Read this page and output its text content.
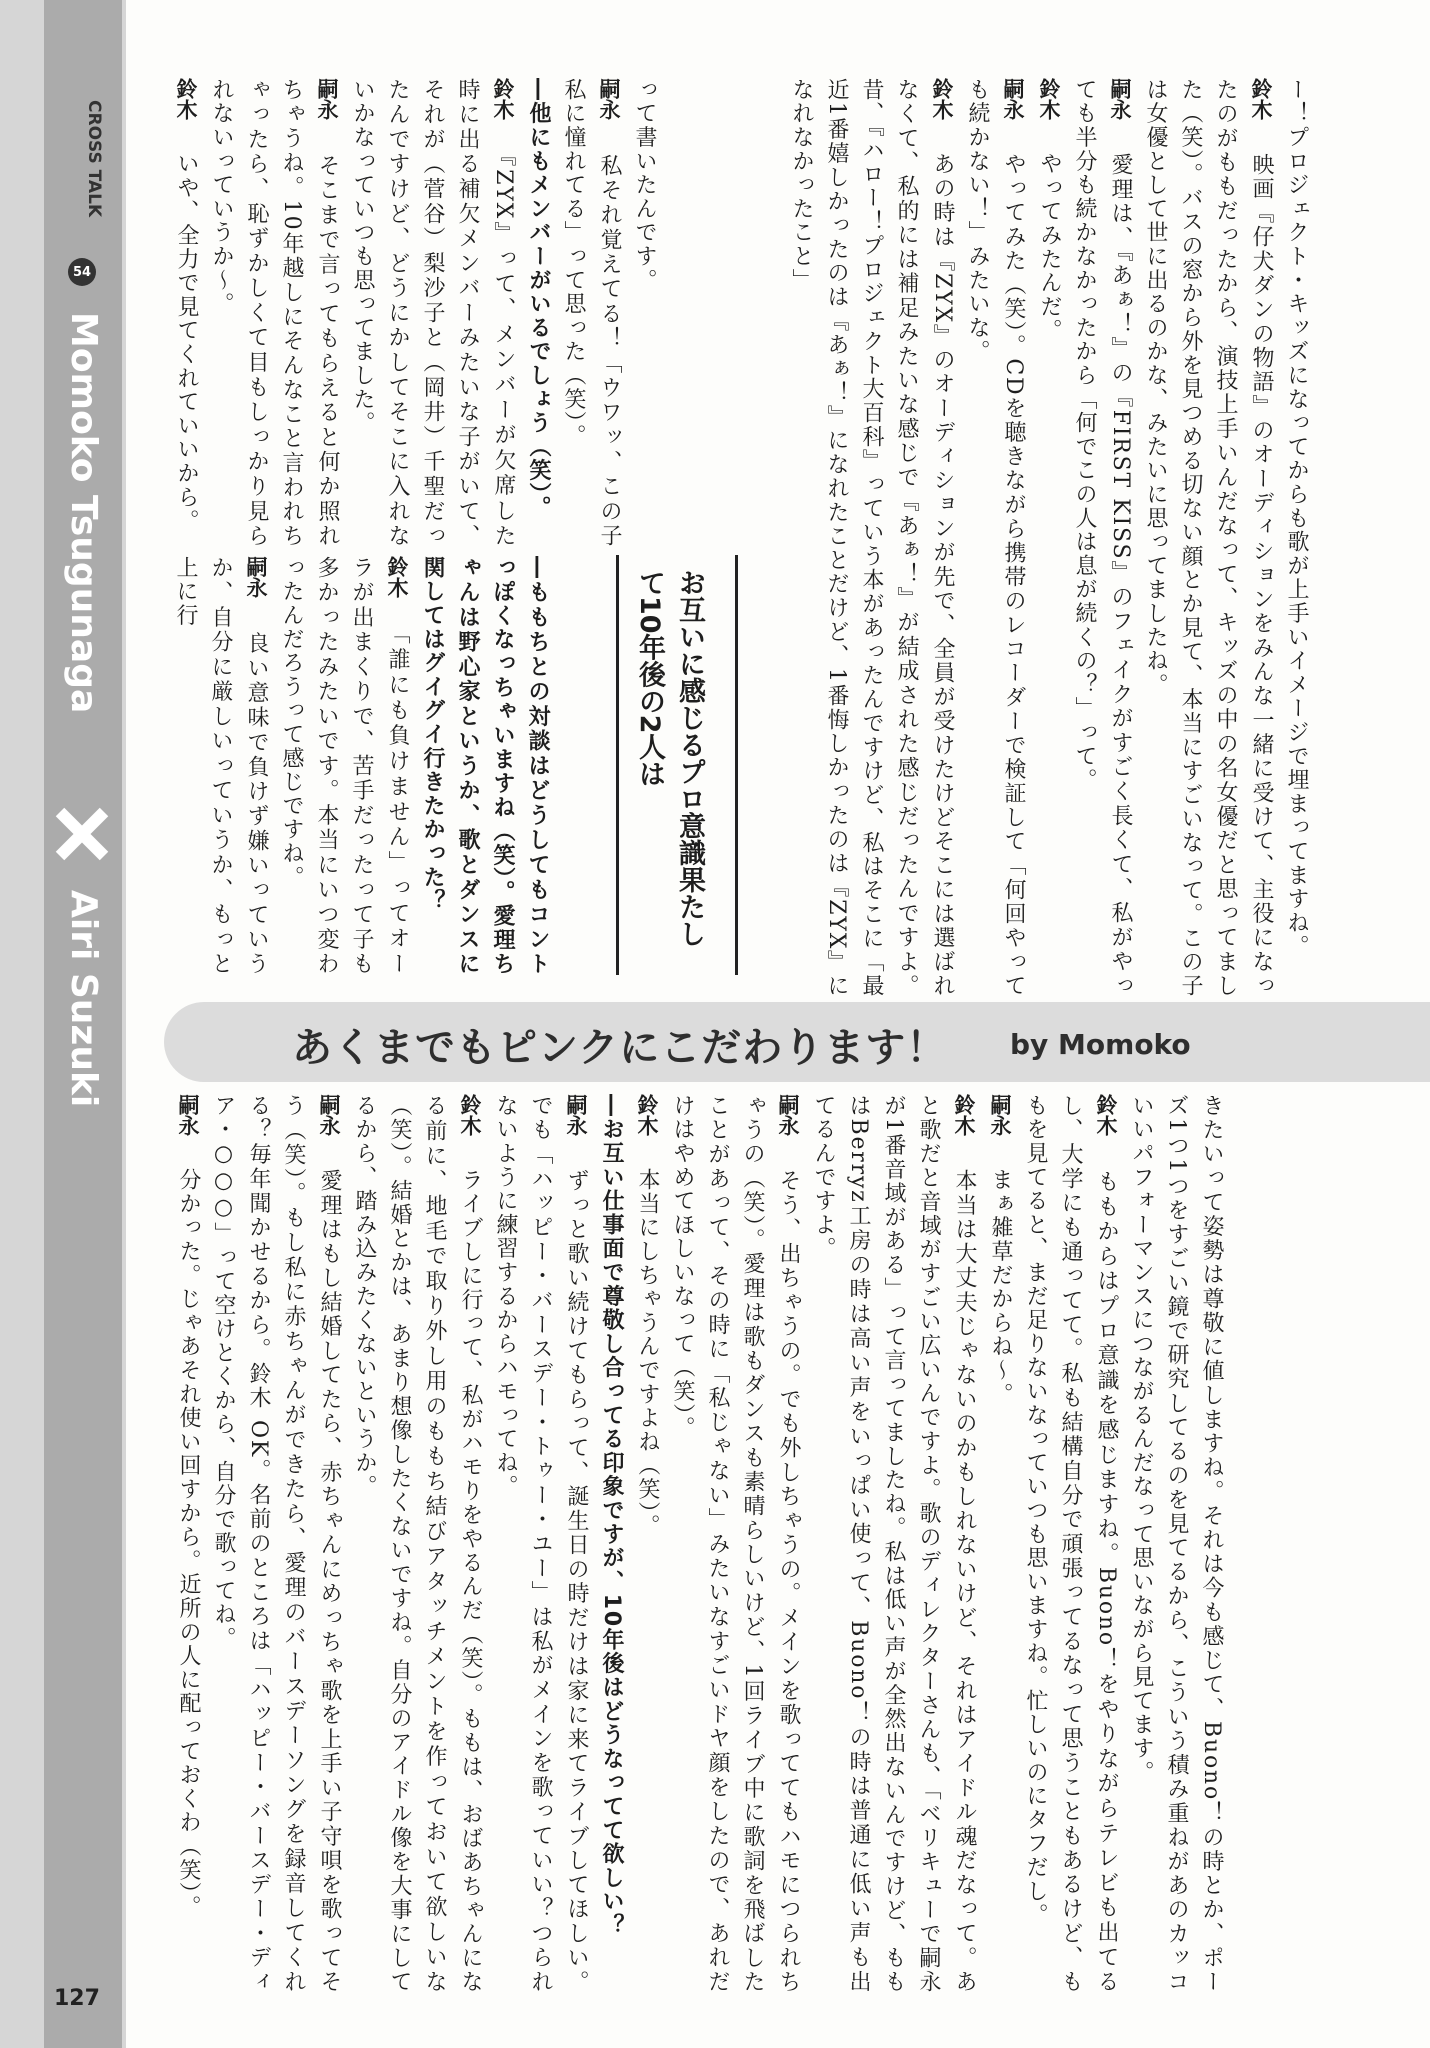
CROSS TALK
54
Momoko Tsugunaga
Airi Suzuki
127

ー！プロジェクト・キッズになってからも歌が上手いイメージで埋まってますね。

鈴木　映画『仔犬ダンの物語』のオーディションをみんな一緒に受けて、主役になったのがももだったから、演技上手いんだなって、キッズの中の名女優だと思ってました（笑）。バスの窓から外を見つめる切ない顔とか見て、本当にすごいなって。この子は女優として世に出るのかな、みたいに思ってましたね。

嗣永　愛理は、『あぁ！』の『FIRST KISS』のフェイクがすごく長くて、私がやっても半分も続かなかったから「何でこの人は息が続くの？」って。

鈴木　やってみたんだ。

嗣永　やってみた（笑）。CDを聴きながら携帯のレコーダーで検証して「何回やっても続かない！」みたいな。

鈴木　あの時は『ZYX』のオーディションが先で、全員が受けたけどそこには選ばれなくて、私的には補足みたいな感じで『あぁ！』が結成された感じだったんですよ。昔、『ハロー！プロジェクト大百科』っていう本があったんですけど、私はそこに「最近1番嬉しかったのは『あぁ！』になれたことだけど、1番悔しかったのは『ZYX』になれなかったこと」

って書いたんです。

嗣永　私それ覚えてる！「ウワッ、この子私に憧れてる」って思った（笑）。

―他にもメンバーがいるでしょう（笑）。

鈴木　『ZYX』って、メンバーが欠席した時に出る補欠メンバーみたいな子がいて、それが（菅谷）梨沙子と（岡井）千聖だったんですけど、どうにかしてそこに入れないかなっていつも思ってました。

嗣永　そこまで言ってもらえると何か照れちゃうね。10年越しにそんなこと言われちゃったら、恥ずかしくて目もしっかり見られないっていうか～。

鈴木　いや、全力で見てくれていいから。

お互いに感じるプロ意識果たして10年後の2人は

―ももちとの対談はどうしてもコントっぽくなっちゃいますね（笑）。愛理ちゃんは野心家というか、歌とダンスに関してはグイグイ行きたかった？

鈴木　「誰にも負けません」ってオーラが出まくりで、苦手だったって子も多かったみたいです。本当にいつ変わったんだろうって感じですね。

嗣永　良い意味で負けず嫌いっていうか、自分に厳しいっていうか、もっと上に行

あくまでもピンクにこだわります！ by Momoko

きたいって姿勢は尊敬に値しますね。それは今も感じて、Buono！の時とか、ポーズ1つ1つをすごい鏡で研究してるのを見てるから、こういう積み重ねがあのカッコいいパフォーマンスにつながるんだなって思いながら見てます。

鈴木　ももからはプロ意識を感じますね。Buono！をやりながらテレビも出てるし、大学にも通ってて。私も結構自分で頑張ってるなって思うこともあるけど、ももを見てると、まだ足りないなっていつも思いますね。忙しいのにタフだし。

嗣永　まぁ雑草だからね～。

鈴木　本当は大丈夫じゃないのかもしれないけど、それはアイドル魂だなって。あと歌だと音域がすごい広いんですよ。歌のディレクターさんも、「ベリキューで嗣永が1番音域がある」って言ってましたね。私は低い声が全然出ないんですけど、ももはBerryz工房の時は高い声をいっぱい使って、Buono！の時は普通に低い声も出てるんですよ。

嗣永　そう、出ちゃうの。でも外しちゃうの。メインを歌っててもハモにつられちゃうの（笑）。愛理は歌もダンスも素晴らしいけど、1回ライブ中に歌詞を飛ばしたことがあって、その時に「私じゃない」みたいなすごいドヤ顔をしたので、あれだけはやめてほしいなって（笑）。

鈴木　本当にしちゃうんですよね（笑）。

―お互い仕事面で尊敬し合ってる印象ですが、10年後はどうなってて欲しい？

嗣永　ずっと歌い続けてもらって、誕生日の時だけは家に来てライブしてほしい。でも「ハッピー・バースデー・トゥー・ユー」は私がメインを歌っていい？つられないように練習するからハモってね。

鈴木　ライブしに行って、私がハモりをやるんだ（笑）。ももは、おばあちゃんになる前に、地毛で取り外し用のももち結びアタッチメントを作っておいて欲しいな（笑）。結婚とかは、あまり想像したくないですね。自分のアイドル像を大事にしてるから、踏み込みたくないというか。

嗣永　愛理はもし結婚してたら、赤ちゃんにめっちゃ歌を上手い子守唄を歌ってそう（笑）。もし私に赤ちゃんができたら、愛理のバースデーソングを録音してくれる？毎年聞かせるから。鈴木 OK。名前のところは「ハッピー・バースデー・ディア・○○○」って空けとくから、自分で歌ってね。

嗣永　分かった。じゃあそれ使い回すから。近所の人に配っておくわ（笑）。
